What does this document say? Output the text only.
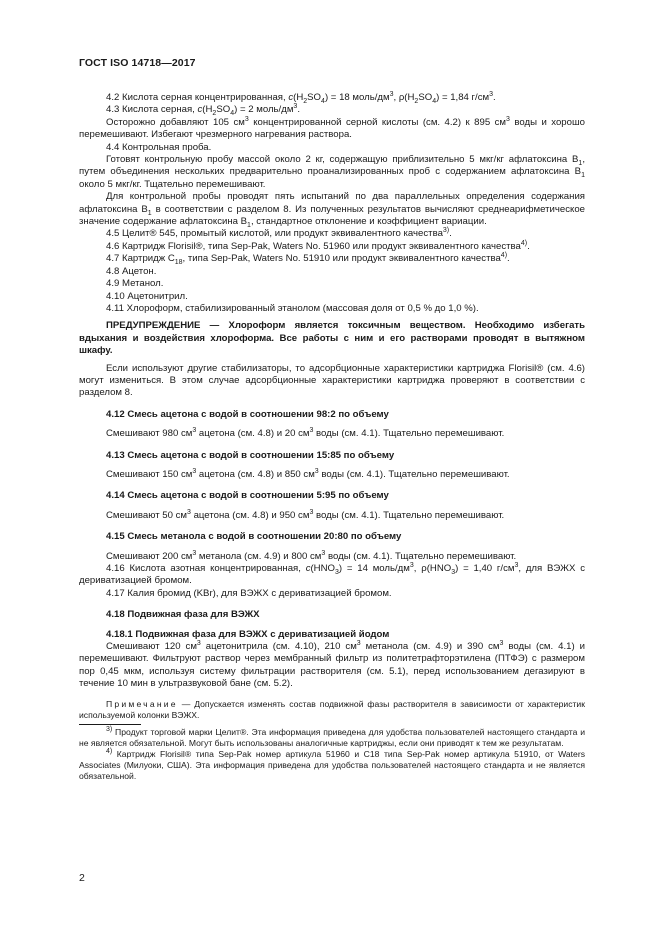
ГОСТ ISO 14718—2017

4.2 Кислота серная концентрированная, $c(H_2SO_4) = 18$ моль/$дм^3$, $\rho(H_2SO_4) = 1,84$ $г/см^3$.

4.3 Кислота серная, $c(H_2SO_4) = 2$ моль/$дм^3$.

Осторожно добавляют 105 $см^3$ концентрированной серной кислоты (см. 4.2) к 895 $см^3$ воды и хорошо перемешивают. Избегают чрезмерного нагревания раствора.

4.4 Контрольная проба.

Готовят контрольную пробу массой около 2 кг, содержащую приблизительно 5 мкг/кг афлатоксина $B_1$, путем объединения нескольких предварительно проанализированных проб с содержанием афлатоксина $B_1$ около 5 мкг/кг. Тщательно перемешивают.

Для контрольной пробы проводят пять испытаний по два параллельных определения содержания афлатоксина $B_1$ в соответствии с разделом 8. Из полученных результатов вычисляют среднеарифметическое значение содержание афлатоксина $B_1$, стандартное отклонение и коэффициент вариации.

4.5 Целит® 545, промытый кислотой, или продукт эквивалентного качества$^{3)}$.

4.6 Картридж Florisil®, типа Sep-Pak, Waters No. 51960 или продукт эквивалентного качества$^{4)}$.

4.7 Картридж $C_{18}$, типа Sep-Pak, Waters No. 51910 или продукт эквивалентного качества$^{4)}$.

4.8 Ацетон.

4.9 Метанол.

4.10 Ацетонитрил.

4.11 Хлороформ, стабилизированный этанолом (массовая доля от 0,5 % до 1,0 %).

ПРЕДУПРЕЖДЕНИЕ — Хлороформ является токсичным веществом. Необходимо избегать вдыхания и воздействия хлороформа. Все работы с ним и его растворами проводят в вытяжном шкафу.

Если используют другие стабилизаторы, то адсорбционные характеристики картриджа Florisil® (см. 4.6) могут измениться. В этом случае адсорбционные характеристики картриджа проверяют в соответствии с разделом 8.

4.12 Смесь ацетона с водой в соотношении 98:2 по объему

Смешивают 980 $см^3$ ацетона (см. 4.8) и 20 $см^3$ воды (см. 4.1). Тщательно перемешивают.

4.13 Смесь ацетона с водой в соотношении 15:85 по объему

Смешивают 150 $см^3$ ацетона (см. 4.8) и 850 $см^3$ воды (см. 4.1). Тщательно перемешивают.

4.14 Смесь ацетона с водой в соотношении 5:95 по объему

Смешивают 50 $см^3$ ацетона (см. 4.8) и 950 $см^3$ воды (см. 4.1). Тщательно перемешивают.

4.15 Смесь метанола с водой в соотношении 20:80 по объему

Смешивают 200 $см^3$ метанола (см. 4.9) и 800 $см^3$ воды (см. 4.1). Тщательно перемешивают.

4.16 Кислота азотная концентрированная, $c(HNO_3) = 14$ моль/$дм^3$, $\rho(HNO_3) = 1,40$ $г/см^3$, для ВЭЖХ с дериватизацией бромом.

4.17 Калия бромид (KBr), для ВЭЖХ с дериватизацией бромом.

4.18 Подвижная фаза для ВЭЖХ

4.18.1 Подвижная фаза для ВЭЖХ с дериватизацией йодом

Смешивают 120 $см^3$ ацетонитрила (см. 4.10), 210 $см^3$ метанола (см. 4.9) и 390 $см^3$ воды (см. 4.1) и перемешивают. Фильтруют раствор через мембранный фильтр из политетрафторэтилена (ПТФЭ) с размером пор 0,45 мкм, используя систему фильтрации растворителя (см. 5.1), перед использованием дегазируют в течение 10 мин в ультразвуковой бане (см. 5.2).

Примечание — Допускается изменять состав подвижной фазы растворителя в зависимости от характеристик используемой колонки ВЭЖХ.

$^{3)}$ Продукт торговой марки Целит®. Эта информация приведена для удобства пользователей настоящего стандарта и не является обязательной. Могут быть использованы аналогичные картриджы, если они приводят к тем же результатам.

$^{4)}$ Картридж Florisil® типа Sep-Pak номер артикула 51960 и С18 типа Sep-Pak номер артикула 51910, от Waters Associates (Милуоки, США). Эта информация приведена для удобства пользователей настоящего стандарта и не является обязательной.

2
